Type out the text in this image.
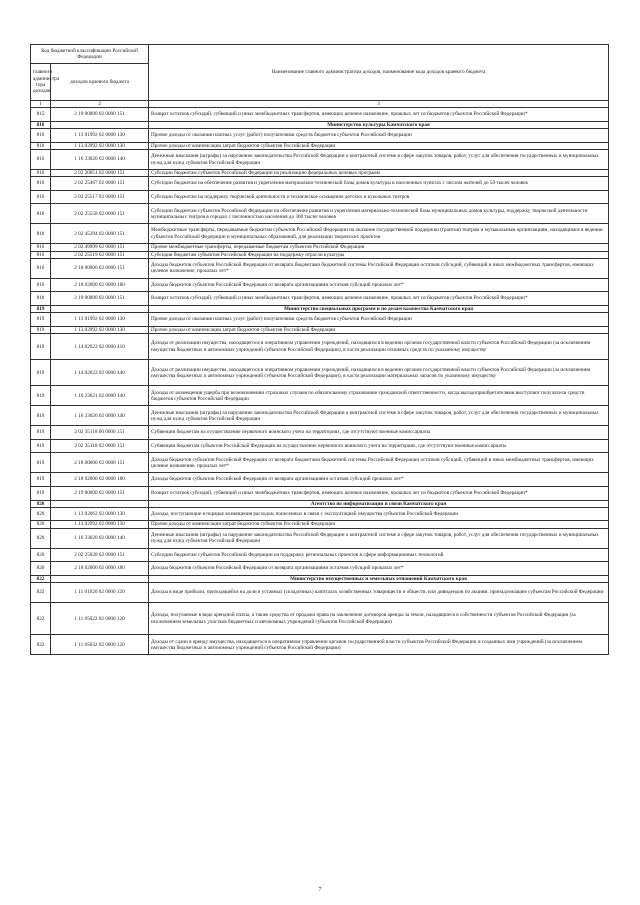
Код бюджетной классификации Российской Федерации		Наименование главного администратора доходов, наименование кода доходов краевого бюджета
главного администра тора доходов	доходов краевого бюджета	
1	2	3
815	2 19 00000 02 0000 151	Возврат остатков субсидий, субвенций и иных межбюджетных трансфертов, имеющих целевое назначение, прошлых лет из бюджетов субъектов Российской Федерации*
816		Министерство культуры Камчатского края
816	1 13 01992 02 0000 130	Прочие доходы от оказания платных услуг (работ) получателями средств бюджетов субъектов Российской Федерации
816	1 13 02992 02 0000 130	Прочие доходы от компенсации затрат бюджетов субъектов Российской Федерации
816	1 16 33020 02 0000 140	Денежные взыскания (штрафы) за нарушение законодательства Российской Федерации о контрактной системе в сфере закупок товаров, работ, услуг для обеспечения государственных и муниципальных нужд для нужд субъектов Российской Федерации
816	2 02 20051 02 0000 151	Субсидии бюджетам субъектов Российской Федерации на реализацию федеральных целевых программ
816	2 02 25467 02 0000 151	Субсидии бюджетам на обеспечение развития и укрепления материально-технической базы домов культуры в населенных пунктах с числом жителей до 50 тысяч человек
816	2 02 25517 02 0000 151	Субсидии бюджетам на поддержку творческой деятельности и техническое оснащение детских и кукольных театров
816	2 02 25558 02 0000 151	Субсидии бюджетам субъектов Российской Федерации на обеспечение развития и укрепления материально-технической базы муниципальных домов культуры, поддержку творческой деятельности муниципальных театров в городах с численностью населения до 300 тысяч человек
816	2 02 45394 02 0000 151	Межбюджетные трансферты, передаваемые бюджетам субъектов Российской Федерации на оказание государственной поддержки (грантов) театрам и музыкальным организациям, находящимся в ведении субъектов Российской Федерации и муниципальных образований, для реализации творческих проектов
816	2 02 49999 02 0000 151	Прочие межбюджетные трансферты, передаваемые бюджетам субъектов Российской Федерации
816	2 02 25519 02 0000 151	Субсидия бюджетам субъектов Российской Федерации на поддержку отрасли культуры
816	2 18 00000 02 0000 151	Доходы бюджетов субъектов Российской Федерации от возврата бюджетами бюджетной системы Российской Федерации остатков субсидий, субвенций и иных межбюджетных трансфертов, имеющих целевое назначение, прошлых лет*
816	2 18 02000 02 0000 180	Доходы бюджетов субъектов Российской Федерации от возврата организациями остатков субсидий прошлых лет*
816	2 19 00000 02 0000 151	Возврат остатков субсидий, субвенций и иных межбюджетных трансфертов, имеющих целевое назначение, прошлых лет из бюджетов субъектов Российской Федерации*
819		Министерство специальных программ и по делам казачества Камчатского края
819	1 13 01992 02 0000 130	Прочие доходы от оказания платных услуг (работ) получателями средств бюджетов субъектов Российской Федерации
819	1 13 02992 02 0000 130	Прочие доходы от компенсации затрат бюджетов субъектов Российской Федерации
819	1 14 02022 02 0000 410	Доходы от реализации имущества, находящегося в оперативном управлении учреждений, находящихся в ведении органов государственной власти субъектов Российской Федерации (за исключением имущества бюджетных и автономных учреждений субъектов Российской Федерации), в части реализации основных средств по указанному имуществу
819	1 14 02022 02 0000 440	Доходы от реализации имущества, находящегося в оперативном управлении учреждений, находящихся в ведении органов государственной власти субъектов Российской Федерации (за исключением имущества бюджетных и автономных учреждений субъектов Российской Федерации), в части реализации материальных запасов по указанному имуществу
819	1 16 23021 02 0000 140	Доходы от возмещения ущерба при возникновении страховых случаев по обязательному страхованию гражданской ответственности, когда выгодоприобретателями выступают получатели средств бюджетов субъектов Российской Федерации
819	1 16 33020 02 0000 140	Денежные взыскания (штрафы) за нарушение законодательства Российской Федерации о контрактной системе в сфере закупок товаров, работ, услуг для обеспечения государственных и муниципальных нужд для нужд субъектов Российской Федерации
819	2 02 35118 00 0000 151	Субвенции бюджетам на осуществление первичного воинского учета на территориях, где отсутствуют военные комиссариаты
819	2 02 35118 02 0000 151	Субвенции бюджетам субъектов Российской Федерации на осуществление первичного воинского учета на территориях, где отсутствуют военные комиссариаты
819	2 18 00000 02 0000 151	Доходы бюджетов субъектов Российской Федерации от возврата бюджетами бюджетной системы Российской Федерации остатков субсидий, субвенций и иных межбюджетных трансфертов, имеющих целевое назначение, прошлых лет*
819	2 18 02000 02 0000 180	Доходы бюджетов субъектов Российской Федерации от возврата организациями остатков субсидий прошлых лет*
819	2 19 00000 02 0000 151	Возврат остатков субсидий, субвенций и иных межбюджетных трансфертов, имеющих целевое назначение, прошлых лет из бюджетов субъектов Российской Федерации*
820		Агентство по информатизации и связи Камчатского края
820	1 13 02062 02 0000 130	Доходы, поступающие в порядке возмещения расходов, понесенных в связи с эксплуатацией имущества субъектов Российской Федерации
820	1 13 02992 02 0000 130	Прочие доходы от компенсации затрат бюджетов субъектов Российской Федерации
820	1 16 33020 02 0000 140	Денежные взыскания (штрафы) за нарушение законодательства Российской Федерации о контрактной системе в сфере закупок товаров, работ, услуг для обеспечения государственных и муниципальных нужд для нужд субъектов Российской Федерации
820	2 02 25028 02 0000 151	Субсидии бюджетам субъектов Российской Федерации на поддержку региональных проектов в сфере информационных технологий
820	2 18 02000 02 0000 180	Доходы бюджетов субъектов Российской Федерации от возврата организациями остатков субсидий прошлых лет*
822		Министерство имущественных и земельных отношений Камчатского края
822	1 11 01020 02 0000 120	Доходы в виде прибыли, приходящейся на доли в уставных (складочных) капиталах хозяйственных товариществ и обществ, или дивидендов по акциям, принадлежащим субъектам Российской Федерации
822	1 11 05022 02 0000 120	Доходы, получаемые в виде арендной платы, а также средства от продажи права на заключение договоров аренды за земли, находящиеся в собственности субъектов Российской Федерации (за исключением земельных участков бюджетных и автономных учреждений субъектов Российской Федерации)
822	1 11 05032 02 0000 120	Доходы от сдачи в аренду имущества, находящегося в оперативном управлении органов государственной власти субъектов Российской Федерации и созданных ими учреждений (за исключением имущества бюджетных и автономных учреждений субъектов Российской Федерации)
7
